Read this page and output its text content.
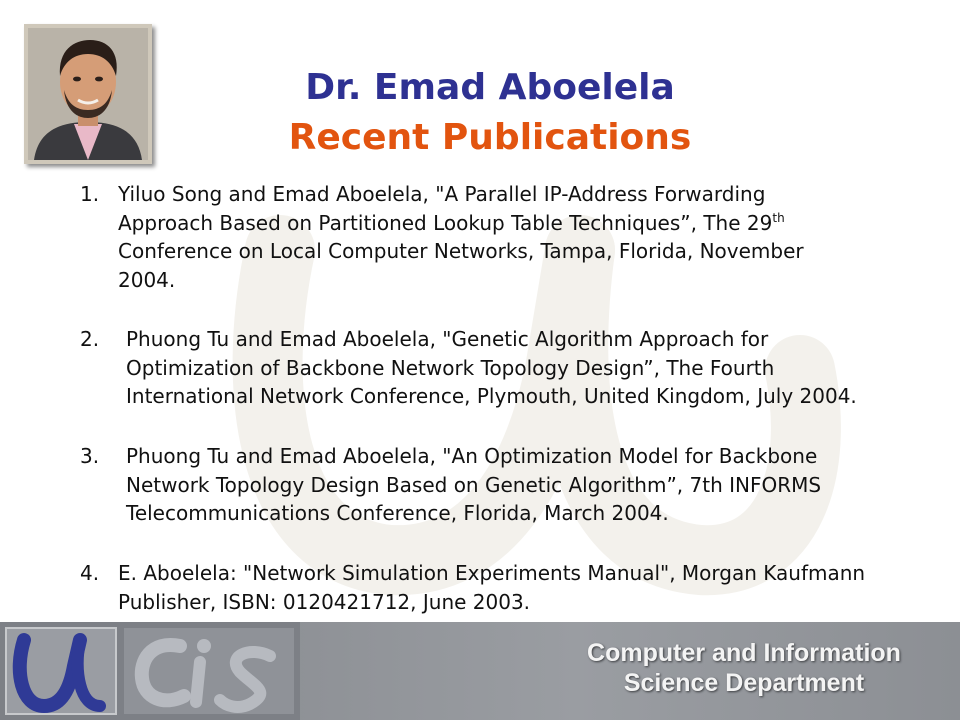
Dr. Emad Aboelela
Recent Publications
1. Yiluo Song and Emad Aboelela, "A Parallel IP-Address Forwarding
Approach Based on Partitioned Lookup Table Techniques”, The 29th
Conference on Local Computer Networks, Tampa, Florida, November
2004.
2. Phuong Tu and Emad Aboelela, "Genetic Algorithm Approach for
Optimization of Backbone Network Topology Design”, The Fourth
International Network Conference, Plymouth, United Kingdom, July 2004.
3. Phuong Tu and Emad Aboelela, "An Optimization Model for Backbone
Network Topology Design Based on Genetic Algorithm”, 7th INFORMS
Telecommunications Conference, Florida, March 2004.
4. E. Aboelela: "Network Simulation Experiments Manual", Morgan Kaufmann
Publisher, ISBN: 0120421712, June 2003.
Computer and Information
Science Department
